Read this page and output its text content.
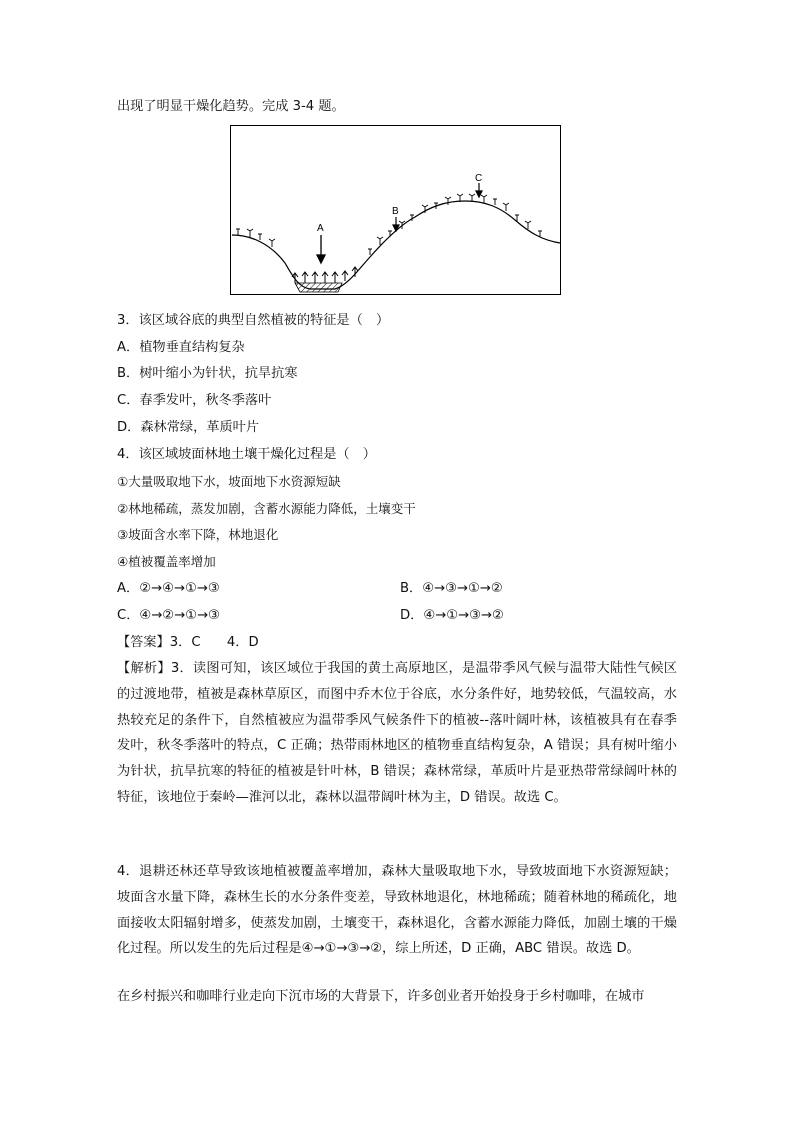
出现了明显干燥化趋势。完成 3-4 题。
A
B
C
3．该区域谷底的典型自然植被的特征是（　）
A．植物垂直结构复杂
B．树叶缩小为针状，抗旱抗寒
C．春季发叶，秋冬季落叶
D．森林常绿，革质叶片
4．该区域坡面林地土壤干燥化过程是（　）
①大量吸取地下水，坡面地下水资源短缺
②林地稀疏，蒸发加剧，含蓄水源能力降低，土壤变干
③坡面含水率下降，林地退化
④植被覆盖率增加
A．②→④→①→③	B．④→③→①→②
C．④→②→①→③	D．④→①→③→②
【答案】3．C　　4．D
【解析】3．读图可知，该区域位于我国的黄土高原地区，是温带季风气候与温带大陆性气候区的过渡地带，植被是森林草原区，而图中乔木位于谷底，水分条件好，地势较低，气温较高，水热较充足的条件下，自然植被应为温带季风气候条件下的植被--落叶阔叶林，该植被具有在春季发叶，秋冬季落叶的特点，C 正确；热带雨林地区的植物垂直结构复杂，A 错误；具有树叶缩小为针状，抗旱抗寒的特征的植被是针叶林，B 错误；森林常绿，革质叶片是亚热带常绿阔叶林的特征，该地位于秦岭—淮河以北，森林以温带阔叶林为主，D 错误。故选 C。
4．退耕还林还草导致该地植被覆盖率增加，森林大量吸取地下水，导致坡面地下水资源短缺；坡面含水量下降，森林生长的水分条件变差，导致林地退化，林地稀疏；随着林地的稀疏化，地面接收太阳辐射增多，使蒸发加剧，土壤变干，森林退化，含蓄水源能力降低，加剧土壤的干燥化过程。所以发生的先后过程是④→①→③→②，综上所述，D 正确，ABC 错误。故选 D。
在乡村振兴和咖啡行业走向下沉市场的大背景下，许多创业者开始投身于乡村咖啡，在城市
